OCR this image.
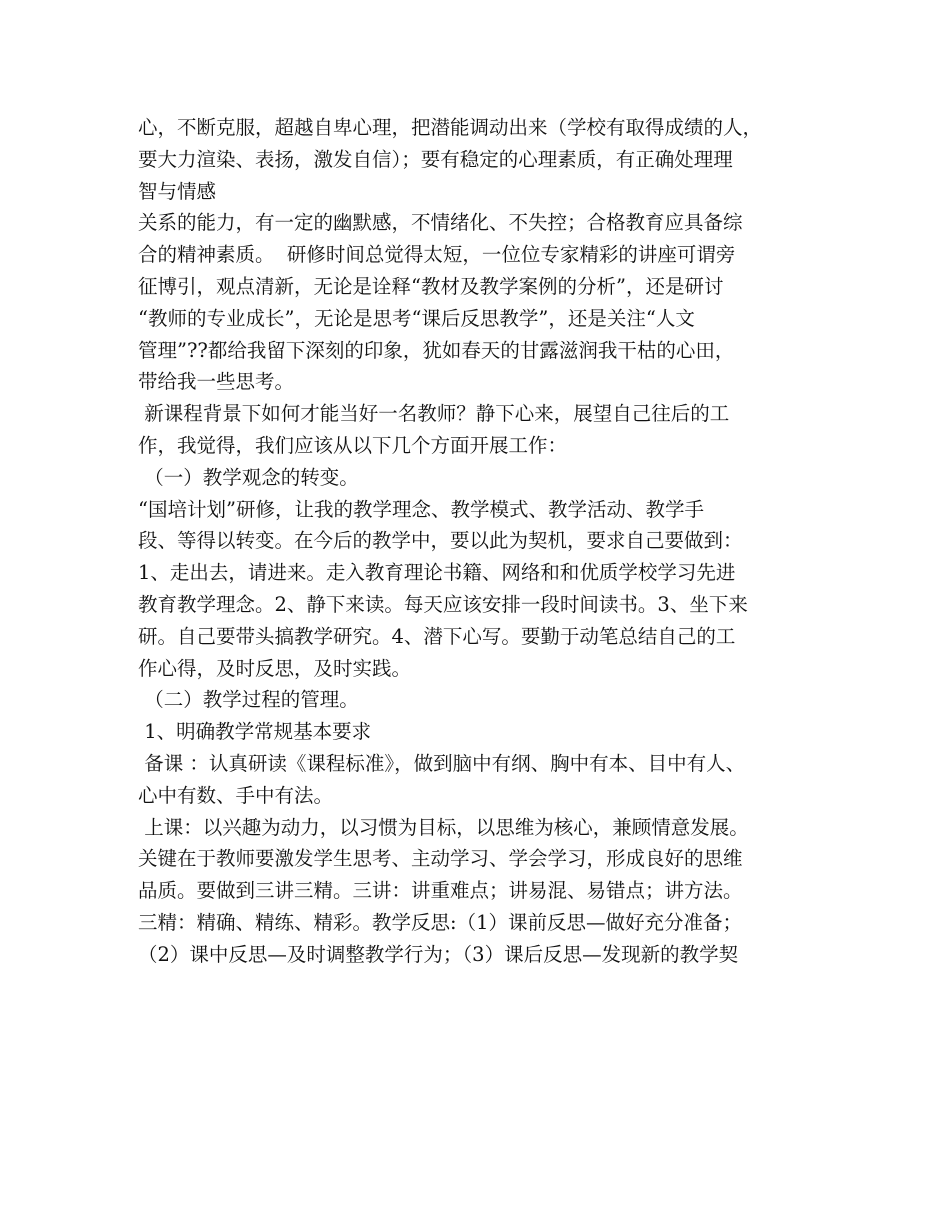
心，不断克服，超越自卑心理，把潜能调动出来（学校有取得成绩的人，
要大力渲染、表扬，激发自信）；要有稳定的心理素质，有正确处理理
智与情感
关系的能力，有一定的幽默感，不情绪化、不失控；合格教育应具备综
合的精神素质。  研修时间总觉得太短，一位位专家精彩的讲座可谓旁
征博引，观点清新，无论是诠释“教材及教学案例的分析”，还是研讨
“教师的专业成长”，无论是思考“课后反思教学”，还是关注“人文
管理”??都给我留下深刻的印象，犹如春天的甘露滋润我干枯的心田，
带给我一些思考。
新课程背景下如何才能当好一名教师？静下心来，展望自己往后的工
作，我觉得，我们应该从以下几个方面开展工作：
（一）教学观念的转变。
“国培计划”研修，让我的教学理念、教学模式、教学活动、教学手
段、等得以转变。在今后的教学中，要以此为契机，要求自己要做到：
1、走出去，请进来。走入教育理论书籍、网络和和优质学校学习先进
教育教学理念。2、静下来读。每天应该安排一段时间读书。3、坐下来
研。自己要带头搞教学研究。4、潜下心写。要勤于动笔总结自己的工
作心得，及时反思，及时实践。
（二）教学过程的管理。
1、明确教学常规基本要求
备课 ：认真研读《课程标准》，做到脑中有纲、胸中有本、目中有人、
心中有数、手中有法。
上课：以兴趣为动力，以习惯为目标，以思维为核心，兼顾情意发展。
关键在于教师要激发学生思考、主动学习、学会学习，形成良好的思维
品质。要做到三讲三精。三讲：讲重难点；讲易混、易错点；讲方法。
三精：精确、精练、精彩。教学反思:（1）课前反思—做好充分准备；
（2）课中反思—及时调整教学行为；（3）课后反思—发现新的教学契
